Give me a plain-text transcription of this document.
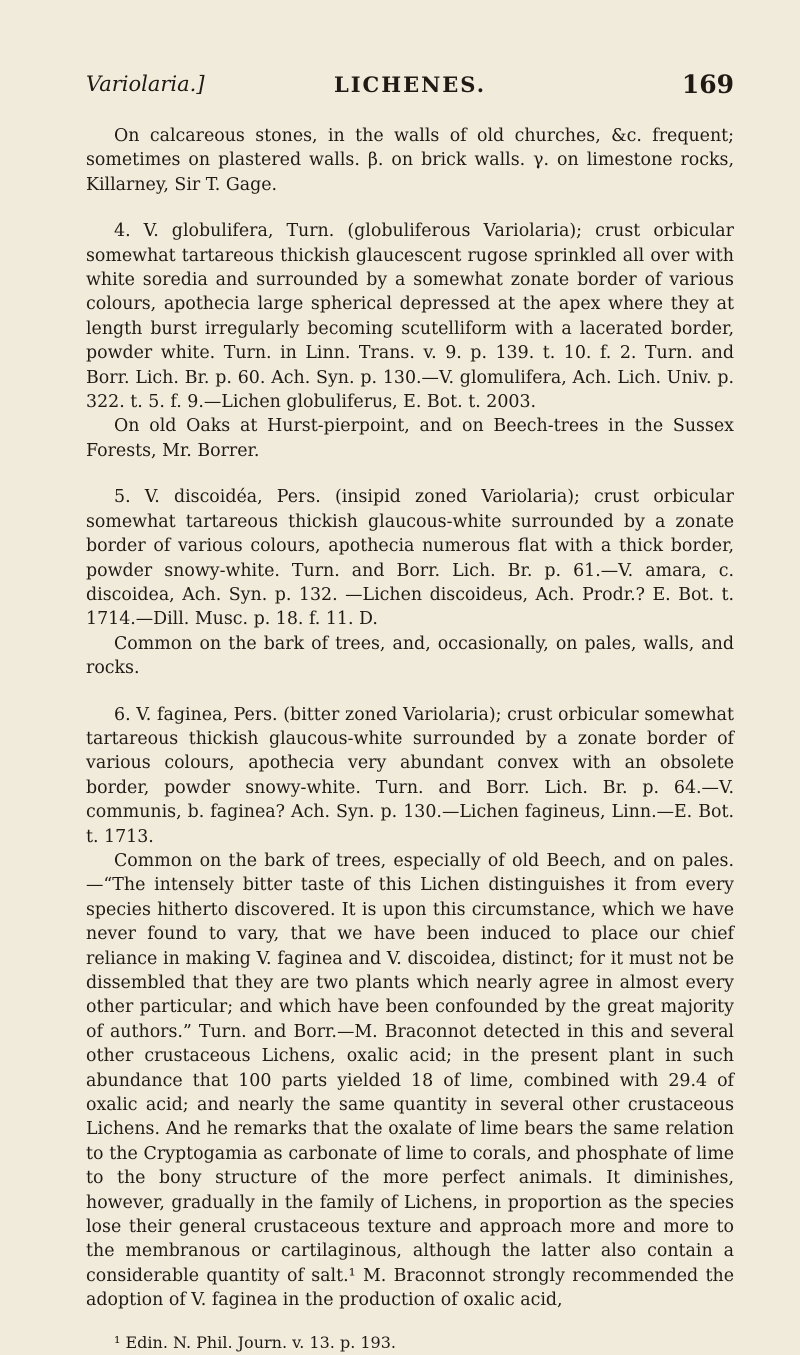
Variolaria.]	LICHENES.	169

On calcareous stones, in the walls of old churches, &c. frequent; sometimes on plastered walls. β. on brick walls. γ. on limestone rocks, Killarney, Sir T. Gage.

4. V. globulifera, Turn. (globuliferous Variolaria); crust orbicular somewhat tartareous thickish glaucescent rugose sprinkled all over with white soredia and surrounded by a somewhat zonate border of various colours, apothecia large spherical depressed at the apex where they at length burst irregularly becoming scutelliform with a lacerated border, powder white. Turn. in Linn. Trans. v. 9. p. 139. t. 10. f. 2. Turn. and Borr. Lich. Br. p. 60. Ach. Syn. p. 130.—V. glomulifera, Ach. Lich. Univ. p. 322. t. 5. f. 9.—Lichen globuliferus, E. Bot. t. 2003.

On old Oaks at Hurst-pierpoint, and on Beech-trees in the Sussex Forests, Mr. Borrer.

5. V. discoidéa, Pers. (insipid zoned Variolaria); crust orbicular somewhat tartareous thickish glaucous-white surrounded by a zonate border of various colours, apothecia numerous flat with a thick border, powder snowy-white. Turn. and Borr. Lich. Br. p. 61.—V. amara, c. discoidea, Ach. Syn. p. 132. —Lichen discoideus, Ach. Prodr.? E. Bot. t. 1714.—Dill. Musc. p. 18. f. 11. D.

Common on the bark of trees, and, occasionally, on pales, walls, and rocks.

6. V. faginea, Pers. (bitter zoned Variolaria); crust orbicular somewhat tartareous thickish glaucous-white surrounded by a zonate border of various colours, apothecia very abundant convex with an obsolete border, powder snowy-white. Turn. and Borr. Lich. Br. p. 64.—V. communis, b. faginea? Ach. Syn. p. 130.—Lichen fagineus, Linn.—E. Bot. t. 1713.

Common on the bark of trees, especially of old Beech, and on pales. —“The intensely bitter taste of this Lichen distinguishes it from every species hitherto discovered. It is upon this circumstance, which we have never found to vary, that we have been induced to place our chief reliance in making V. faginea and V. discoidea, distinct; for it must not be dissembled that they are two plants which nearly agree in almost every other particular; and which have been confounded by the great majority of authors.” Turn. and Borr.—M. Braconnot detected in this and several other crustaceous Lichens, oxalic acid; in the present plant in such abundance that 100 parts yielded 18 of lime, combined with 29.4 of oxalic acid; and nearly the same quantity in several other crustaceous Lichens. And he remarks that the oxalate of lime bears the same relation to the Cryptogamia as carbonate of lime to corals, and phosphate of lime to the bony structure of the more perfect animals. It diminishes, however, gradually in the family of Lichens, in proportion as the species lose their general crustaceous texture and approach more and more to the membranous or cartilaginous, although the latter also contain a considerable quantity of salt.¹ M. Braconnot strongly recommended the adoption of V. faginea in the production of oxalic acid,

¹ Edin. N. Phil. Journ. v. 13. p. 193.
